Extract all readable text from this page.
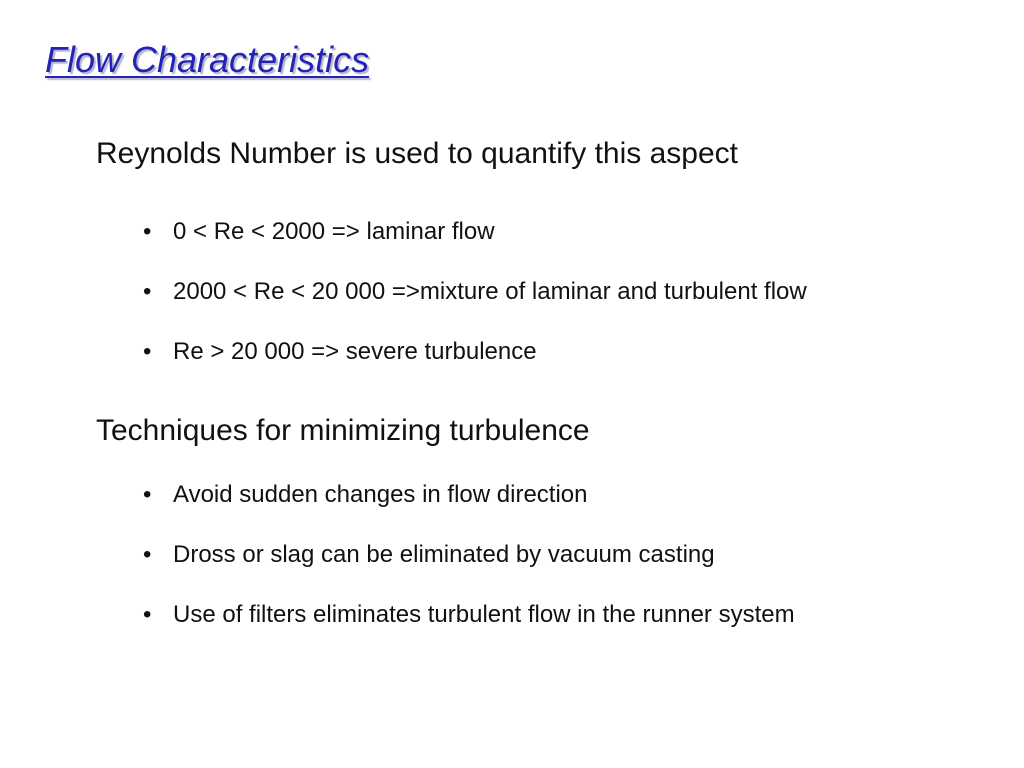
Flow Characteristics
Reynolds Number is used to quantify this aspect
• 0 < Re < 2000 => laminar flow
• 2000 < Re < 20 000 =>mixture of laminar and turbulent flow
• Re > 20 000 => severe turbulence
Techniques for minimizing turbulence
• Avoid sudden changes in flow direction
• Dross or slag can be eliminated by vacuum casting
• Use of filters eliminates turbulent flow in the runner system
